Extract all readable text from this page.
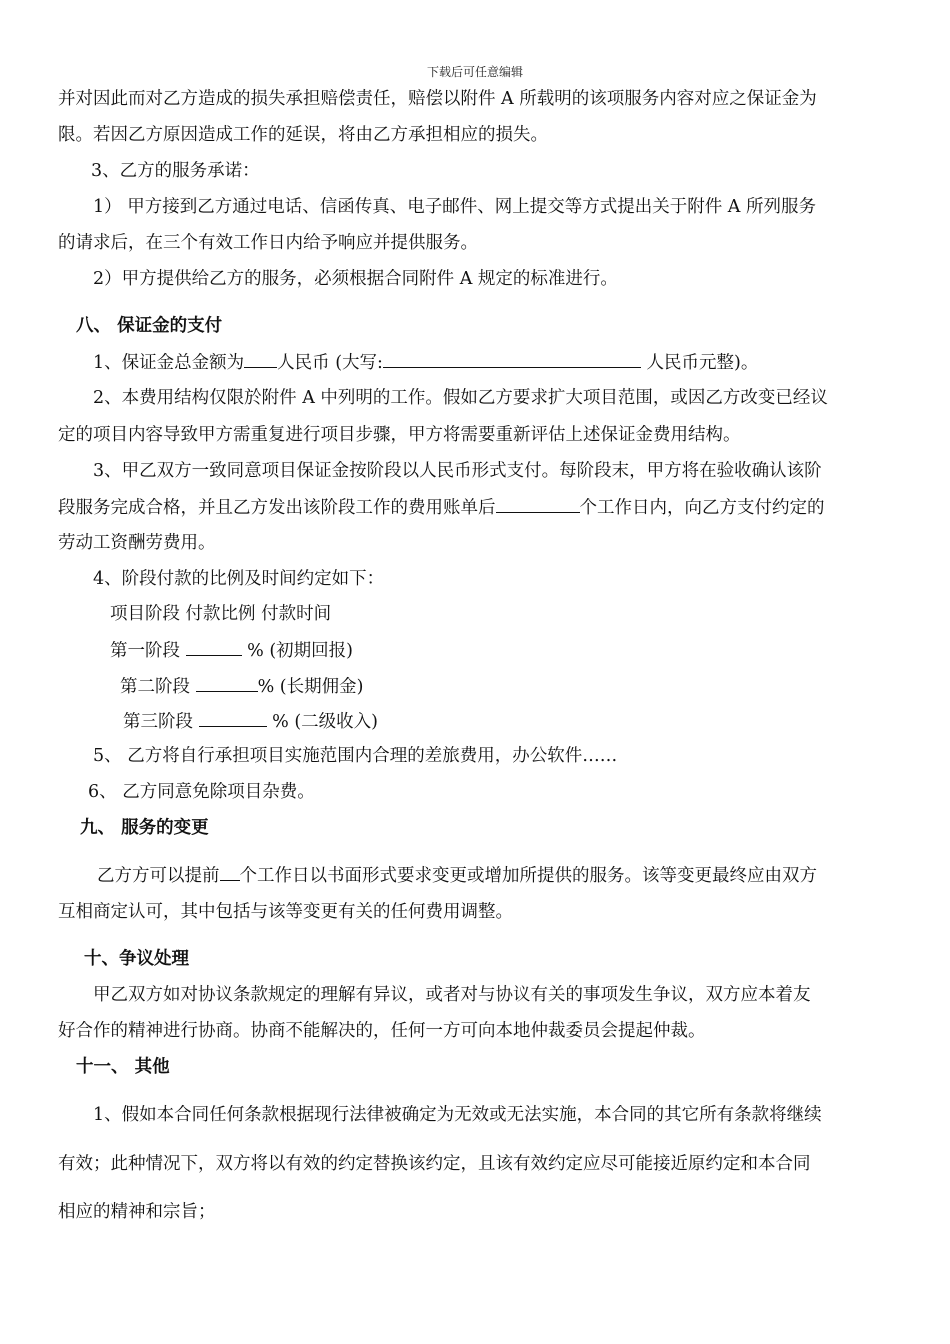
下载后可任意编辑
并对因此而对乙方造成的损失承担赔偿责任，赔偿以附件 A 所载明的该项服务内容对应之保证金为
限。若因乙方原因造成工作的延误，将由乙方承担相应的损失。
3、乙方的服务承诺：
1） 甲方接到乙方通过电话、信函传真、电子邮件、网上提交等方式提出关于附件 A 所列服务
的请求后，在三个有效工作日内给予响应并提供服务。
2）甲方提供给乙方的服务，必须根据合同附件 A 规定的标准进行。
八、 保证金的支付
1、保证金总金额为 人民币 (大写:	人民币元整)。
2、本费用结构仅限於附件 A 中列明的工作。假如乙方要求扩大项目范围，或因乙方改变已经议
定的项目内容导致甲方需重复进行项目步骤，甲方将需要重新评估上述保证金费用结构。
3、甲乙双方一致同意项目保证金按阶段以人民币形式支付。每阶段末，甲方将在验收确认该阶
段服务完成合格，并且乙方发出该阶段工作的费用账单后	个工作日内，向乙方支付约定的
劳动工资酬劳费用。
4、阶段付款的比例及时间约定如下：
项目阶段 付款比例 付款时间
第一阶段	% (初期回报)
第二阶段	% (长期佣金)
第三阶段	% (二级收入)
5、 乙方将自行承担项目实施范围内合理的差旅费用，办公软件……
6、 乙方同意免除项目杂费。
九、 服务的变更
乙方方可以提前 个工作日以书面形式要求变更或增加所提供的服务。该等变更最终应由双方
互相商定认可，其中包括与该等变更有关的任何费用调整。
十、争议处理
甲乙双方如对协议条款规定的理解有异议，或者对与协议有关的事项发生争议，双方应本着友
好合作的精神进行协商。协商不能解决的，任何一方可向本地仲裁委员会提起仲裁。
十一、 其他
1、假如本合同任何条款根据现行法律被确定为无效或无法实施，本合同的其它所有条款将继续
有效；此种情况下，双方将以有效的约定替换该约定，且该有效约定应尽可能接近原约定和本合同
相应的精神和宗旨；
